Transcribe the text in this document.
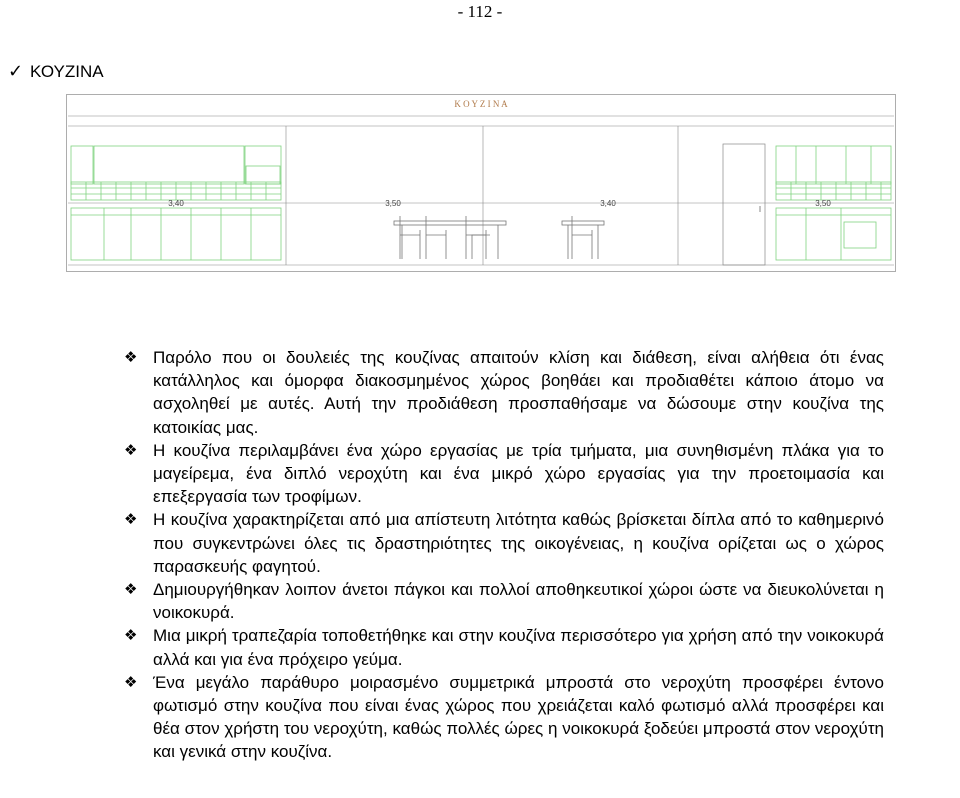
- 112 -
✓ ΚΟΥΖΙΝΑ
Κ Ο Υ Ζ Ι Ν Α
3,40	3,50	3,40	3,50
❖ Παρόλο που οι δουλειές της κουζίνας απαιτούν κλίση και διάθεση, είναι αλήθεια ότι ένας κατάλληλος και όμορφα διακοσμημένος χώρος βοηθάει και προδιαθέτει κάποιο άτομο να ασχοληθεί με αυτές. Αυτή την προδιάθεση προσπαθήσαμε να δώσουμε στην κουζίνα της κατοικίας μας.
❖ Η κουζίνα περιλαμβάνει ένα χώρο εργασίας με τρία τμήματα, μια συνηθισμένη πλάκα για το μαγείρεμα, ένα διπλό νεροχύτη και ένα μικρό χώρο εργασίας για την προετοιμασία και επεξεργασία των τροφίμων.
❖ Η κουζίνα χαρακτηρίζεται από μια απίστευτη λιτότητα καθώς βρίσκεται δίπλα από το καθημερινό που συγκεντρώνει όλες τις δραστηριότητες της οικογένειας, η κουζίνα ορίζεται ως ο χώρος παρασκευής φαγητού.
❖ Δημιουργήθηκαν λοιπον άνετοι πάγκοι και πολλοί αποθηκευτικοί χώροι ώστε να διευκολύνεται η νοικοκυρά.
❖ Μια μικρή τραπεζαρία τοποθετήθηκε και στην κουζίνα περισσότερο για χρήση από την νοικοκυρά αλλά και για ένα πρόχειρο γεύμα.
❖ Ένα μεγάλο παράθυρο μοιρασμένο συμμετρικά μπροστά στο νεροχύτη προσφέρει έντονο φωτισμό στην κουζίνα που είναι ένας χώρος που χρειάζεται καλό φωτισμό αλλά προσφέρει και θέα στον χρήστη του νεροχύτη, καθώς πολλές ώρες η νοικοκυρά ξοδεύει μπροστά στον νεροχύτη και γενικά στην κουζίνα.
